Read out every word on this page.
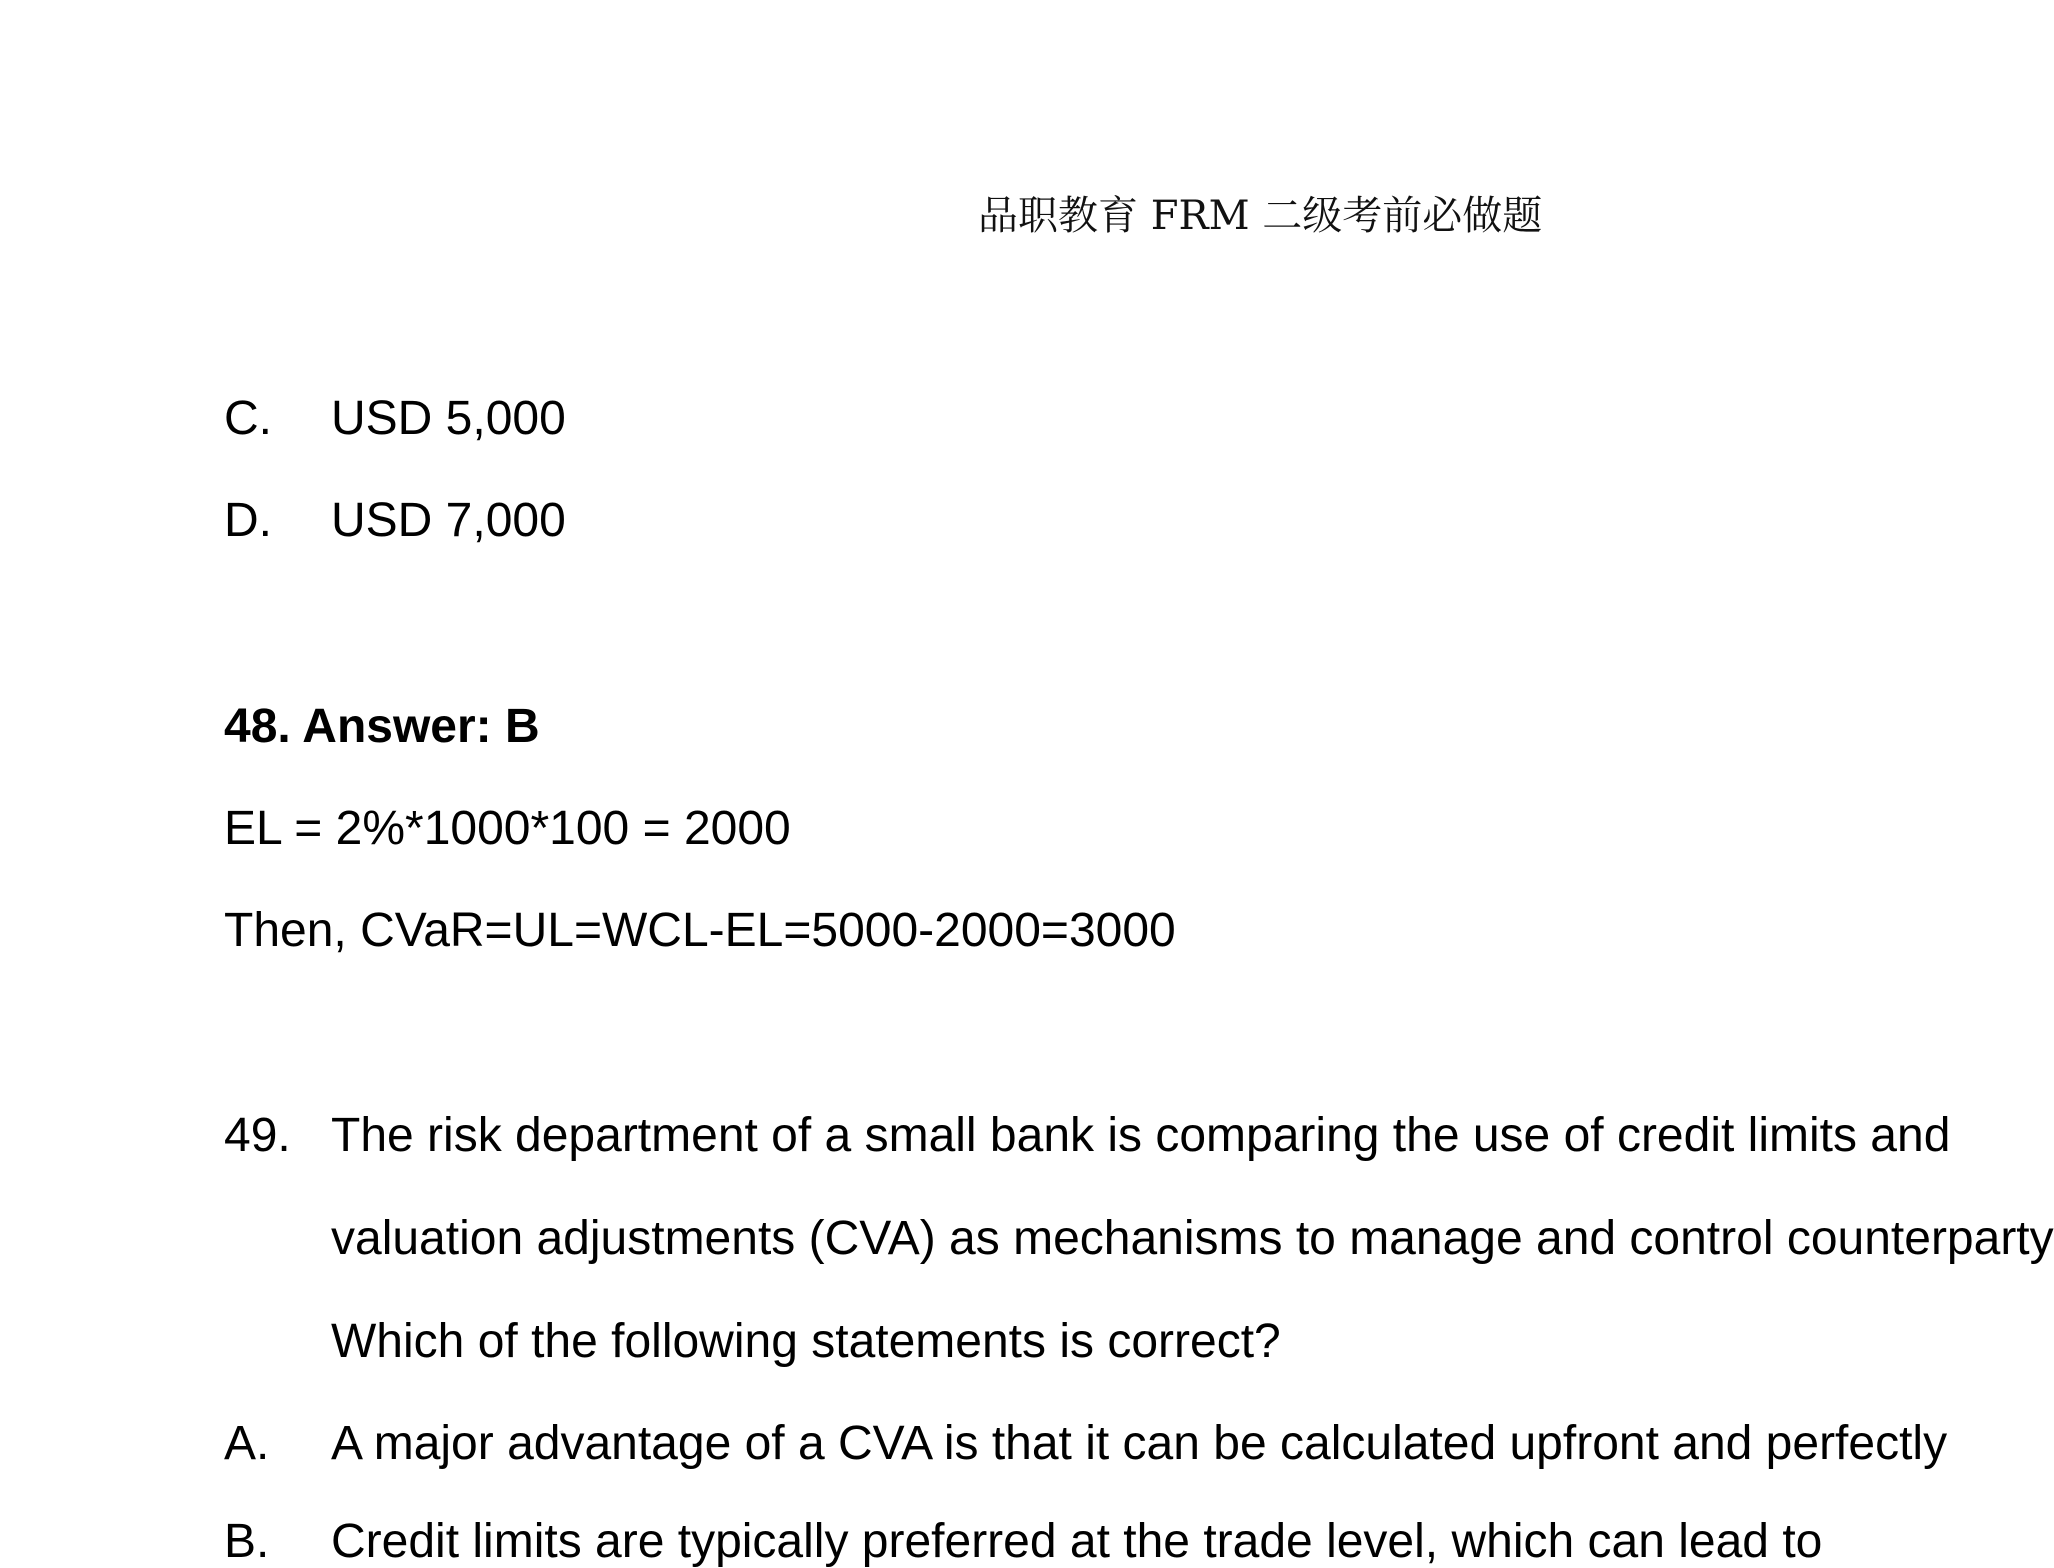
品职教育 FRM 二级考前必做题
C. USD 5,000
D. USD 7,000
48. Answer: B
EL = 2%*1000*100 = 2000
Then, CVaR=UL=WCL-EL=5000-2000=3000
49. The risk department of a small bank is comparing the use of credit limits and
valuation adjustments (CVA) as mechanisms to manage and control counterparty
Which of the following statements is correct?
A. A major advantage of a CVA is that it can be calculated upfront and perfectly
B. Credit limits are typically preferred at the trade level, which can lead to
